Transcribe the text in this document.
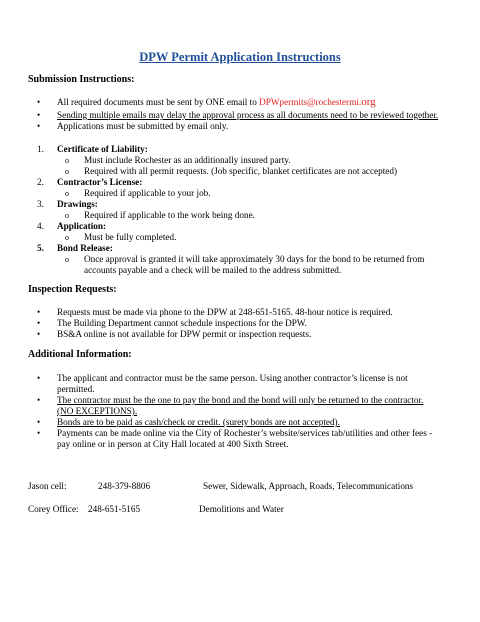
DPW Permit Application Instructions
Submission Instructions:
• All required documents must be sent by ONE email to DPWpermits@rochestermi.org
• Sending multiple emails may delay the approval process as all documents need to be reviewed together.
• Applications must be submitted by email only.
1. Certificate of Liability:
o Must include Rochester as an additionally insured party.
o Required with all permit requests. (Job specific, blanket certificates are not accepted)
2. Contractor’s License:
o Required if applicable to your job.
3. Drawings:
o Required if applicable to the work being done.
4. Application:
o Must be fully completed.
5. Bond Release:
o Once approval is granted it will take approximately 30 days for the bond to be returned from
accounts payable and a check will be mailed to the address submitted.
Inspection Requests:
• Requests must be made via phone to the DPW at 248-651-5165. 48-hour notice is required.
• The Building Department cannot schedule inspections for the DPW.
• BS&A online is not available for DPW permit or inspection requests.
Additional Information:
• The applicant and contractor must be the same person. Using another contractor’s license is not
permitted.
• The contractor must be the one to pay the bond and the bond will only be returned to the contractor.
(NO EXCEPTIONS).
• Bonds are to be paid as cash/check or credit. (surety bonds are not accepted).
• Payments can be made online via the City of Rochester’s website/services tab/utilities and other fees -
pay online or in person at City Hall located at 400 Sixth Street.
Jason cell:	248-379-8806	Sewer, Sidewalk, Approach, Roads, Telecommunications
Corey Office: 248-651-5165	Demolitions and Water
